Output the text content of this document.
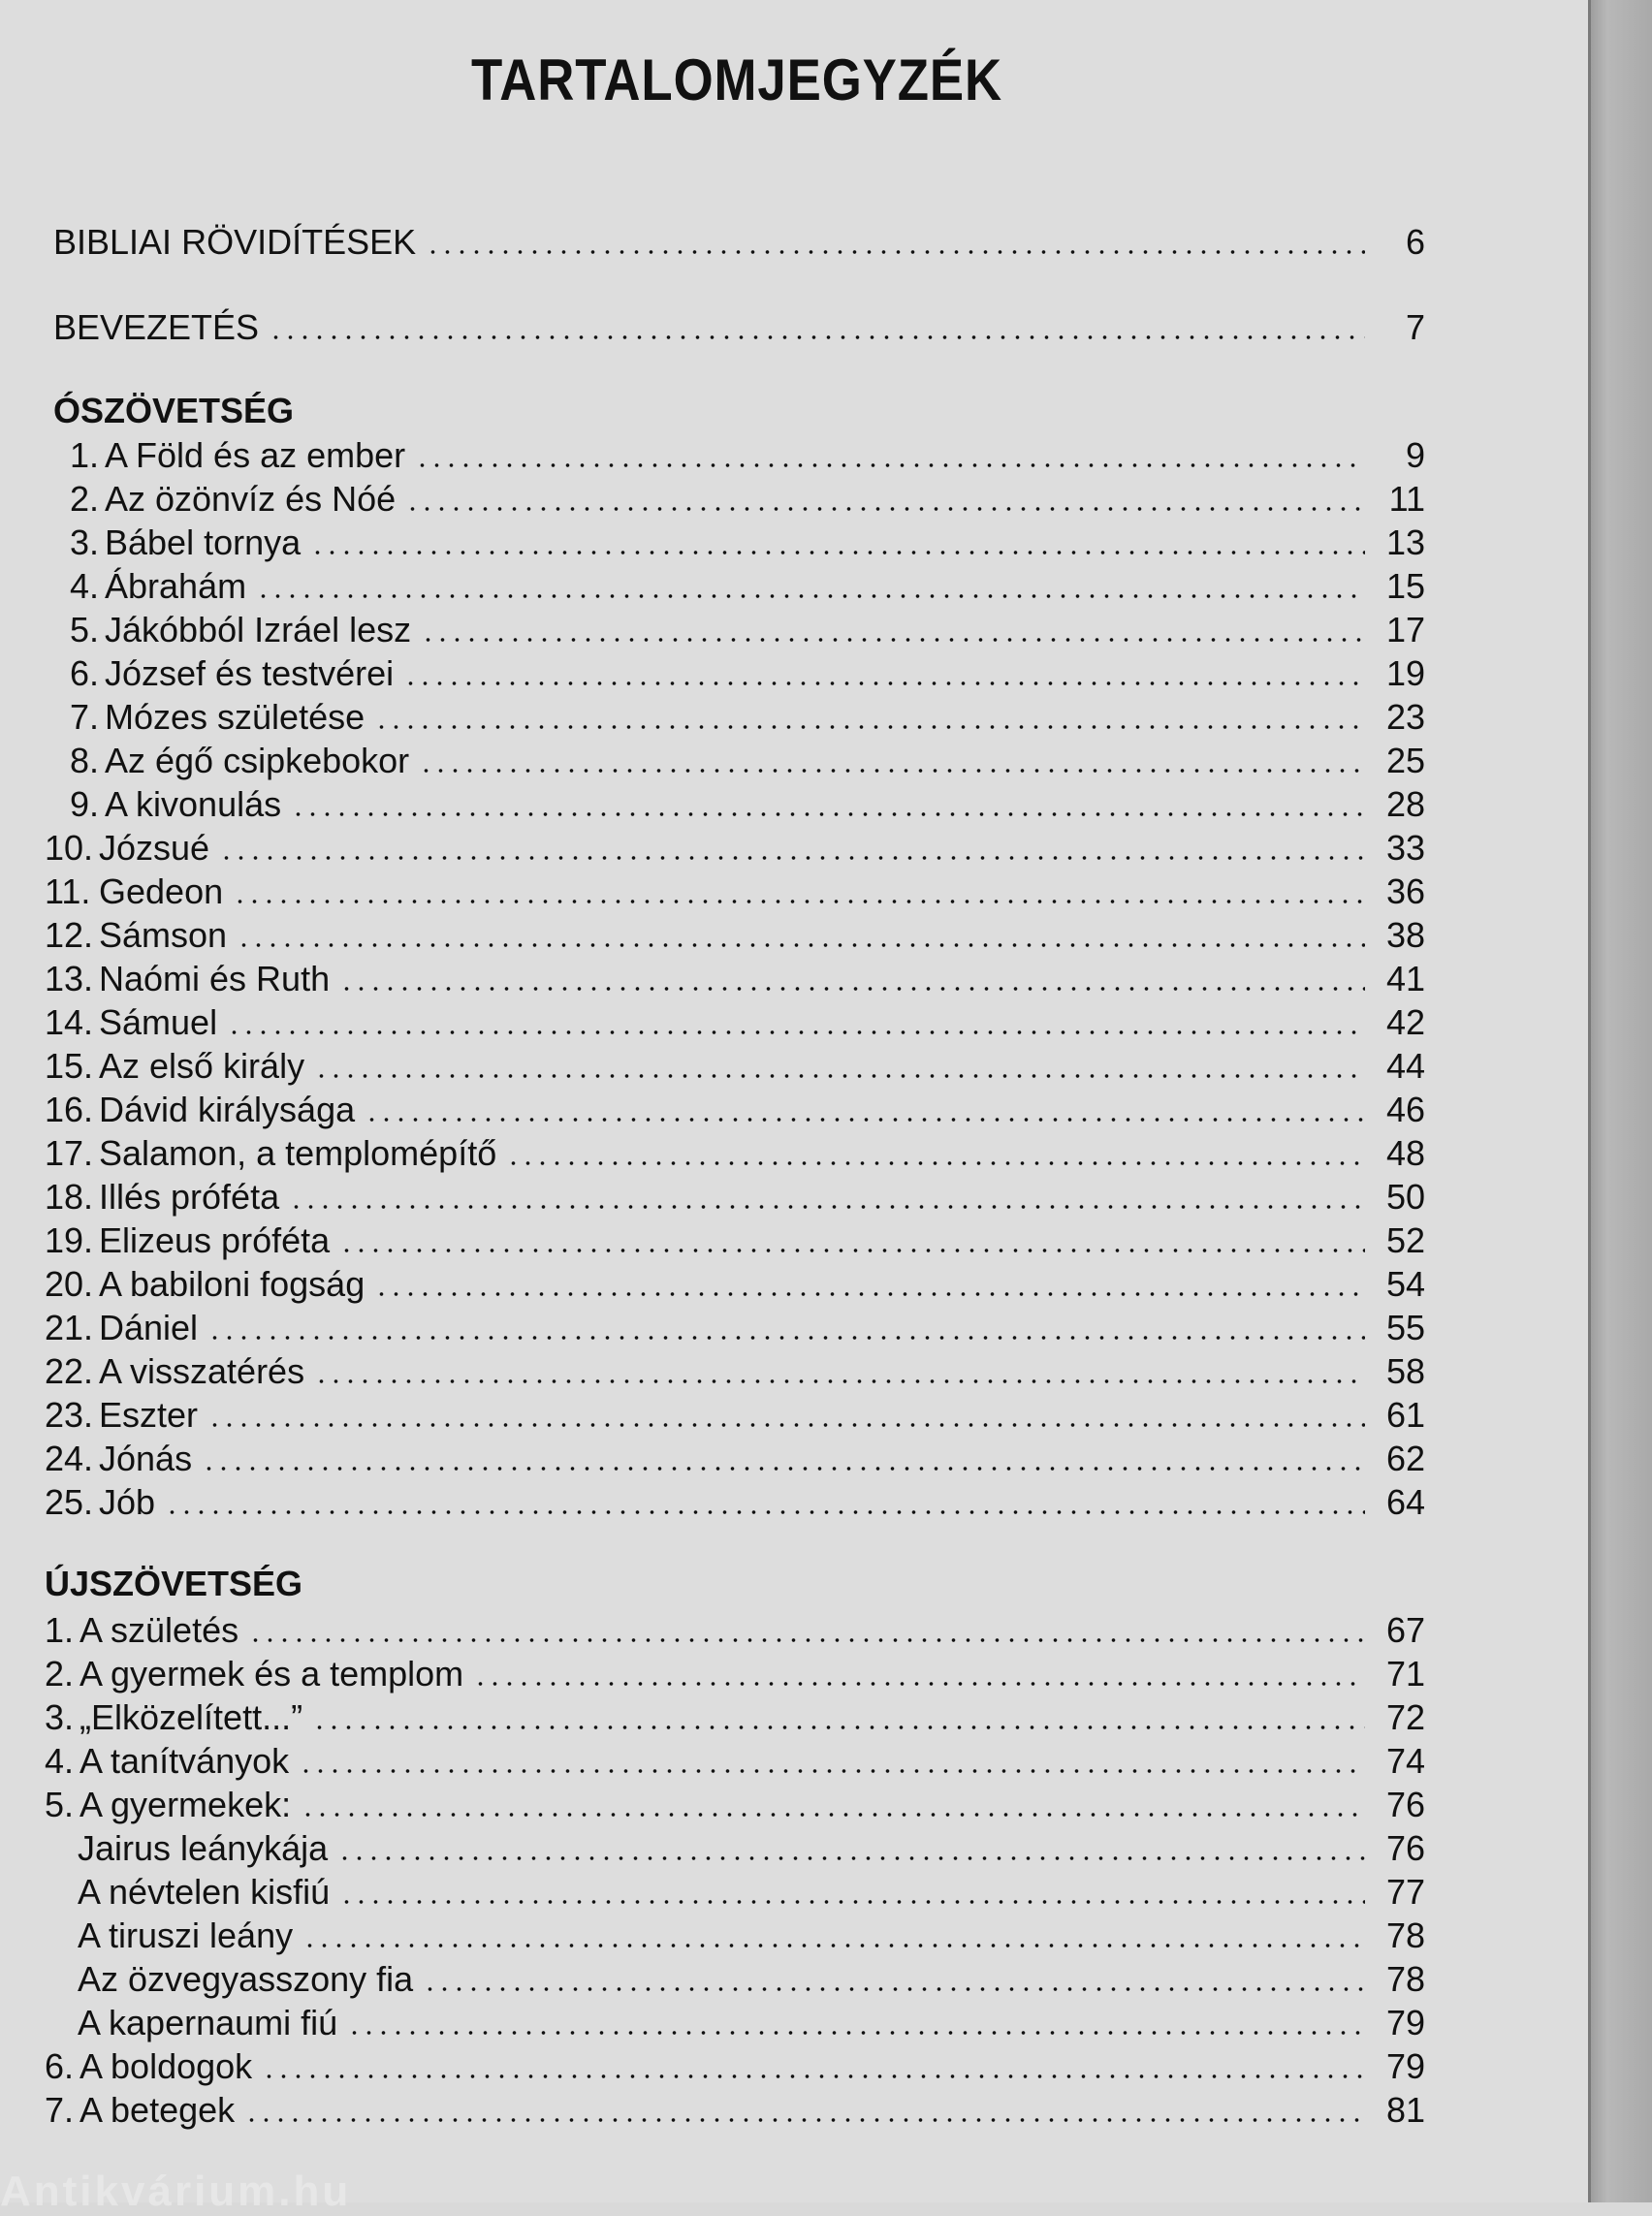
TARTALOMJEGYZÉK
BIBLIAI RÖVIDÍTÉSEK	6
BEVEZETÉS	7
ÓSZÖVETSÉG
1. A Föld és az ember	9
2. Az özönvíz és Nóé	11
3. Bábel tornya	13
4. Ábrahám	15
5. Jákóbból Izráel lesz	17
6. József és testvérei	19
7. Mózes születése	23
8. Az égő csipkebokor	25
9. A kivonulás	28
10. Józsué	33
11. Gedeon	36
12. Sámson	38
13. Naómi és Ruth	41
14. Sámuel	42
15. Az első király	44
16. Dávid királysága	46
17. Salamon, a templomépítő	48
18. Illés próféta	50
19. Elizeus próféta	52
20. A babiloni fogság	54
21. Dániel	55
22. A visszatérés	58
23. Eszter	61
24. Jónás	62
25. Jób	64
ÚJSZÖVETSÉG
1. A születés	67
2. A gyermek és a templom	71
3. „Elközelített...”	72
4. A tanítványok	74
5. A gyermekek:	76
Jairus leánykája	76
A névtelen kisfiú	77
A tiruszi leány	78
Az özvegyasszony fia	78
A kapernaumi fiú	79
6. A boldogok	79
7. A betegek	81
Antikvárium.hu
